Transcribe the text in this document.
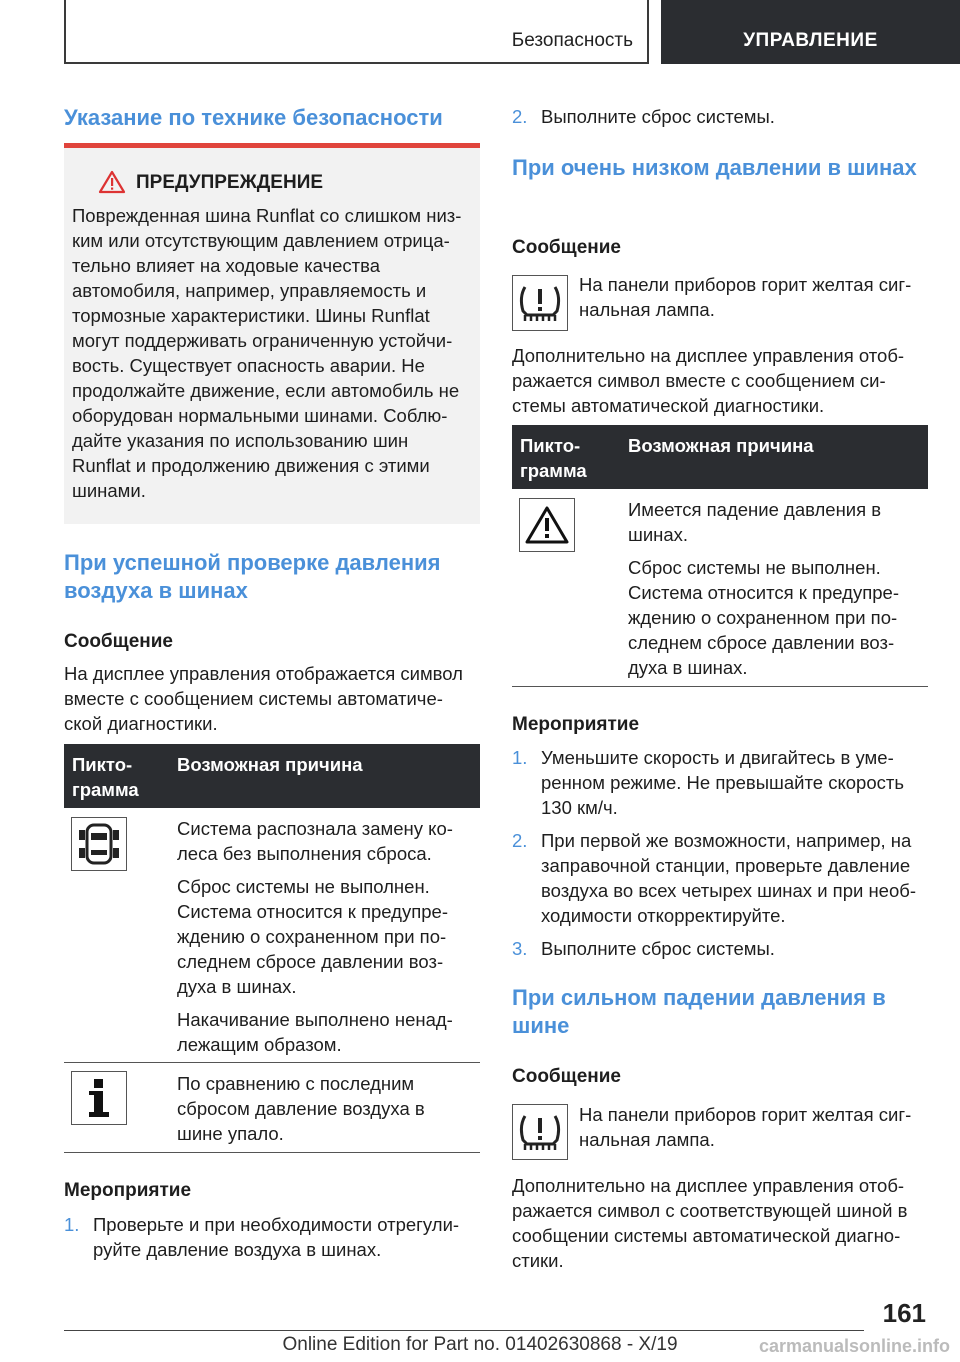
Безопасность	УПРАВЛЕНИЕ
Указание по технике безопасности
ПРЕДУПРЕЖДЕНИЕ
Поврежденная шина Runflat со слишком низ-
ким или отсутствующим давлением отрица-
тельно влияет на ходовые качества
автомобиля, например, управляемость и
тормозные характеристики. Шины Runflat
могут поддерживать ограниченную устойчи-
вость. Существует опасность аварии. Не
продолжайте движение, если автомобиль не
оборудован нормальными шинами. Соблю-
дайте указания по использованию шин
Runflat и продолжению движения с этими
шинами.
При успешной проверке давления воздуха в шинах
Сообщение
На дисплее управления отображается символ
вместе с сообщением системы автоматиче-
ской диагностики.
Пикто-
грамма
Возможная причина
Система распознала замену ко-
леса без выполнения сброса.
Сброс системы не выполнен.
Система относится к предупре-
ждению о сохраненном при по-
следнем сбросе давлении воз-
духа в шинах.
Накачивание выполнено ненад-
лежащим образом.
По сравнению с последним
сбросом давление воздуха в
шине упало.
Мероприятие
1. Проверьте и при необходимости отрегули-
руйте давление воздуха в шинах.
2. Выполните сброс системы.
При очень низком давлении в шинах
Сообщение
На панели приборов горит желтая сиг-
нальная лампа.
Дополнительно на дисплее управления отоб-
ражается символ вместе с сообщением си-
стемы автоматической диагностики.
Пикто-
грамма
Возможная причина
Имеется падение давления в
шинах.
Сброс системы не выполнен.
Система относится к предупре-
ждению о сохраненном при по-
следнем сбросе давлении воз-
духа в шинах.
Мероприятие
1. Уменьшите скорость и двигайтесь в уме-
ренном режиме. Не превышайте скорость
130 км/ч.
2. При первой же возможности, например, на
заправочной станции, проверьте давление
воздуха во всех четырех шинах и при необ-
ходимости откорректируйте.
3. Выполните сброс системы.
При сильном падении давления в шине
Сообщение
На панели приборов горит желтая сиг-
нальная лампа.
Дополнительно на дисплее управления отоб-
ражается символ с соответствующей шиной в
сообщении системы автоматической диагно-
стики.
161
Online Edition for Part no. 01402630868 - X/19	carmanualsonline.info
